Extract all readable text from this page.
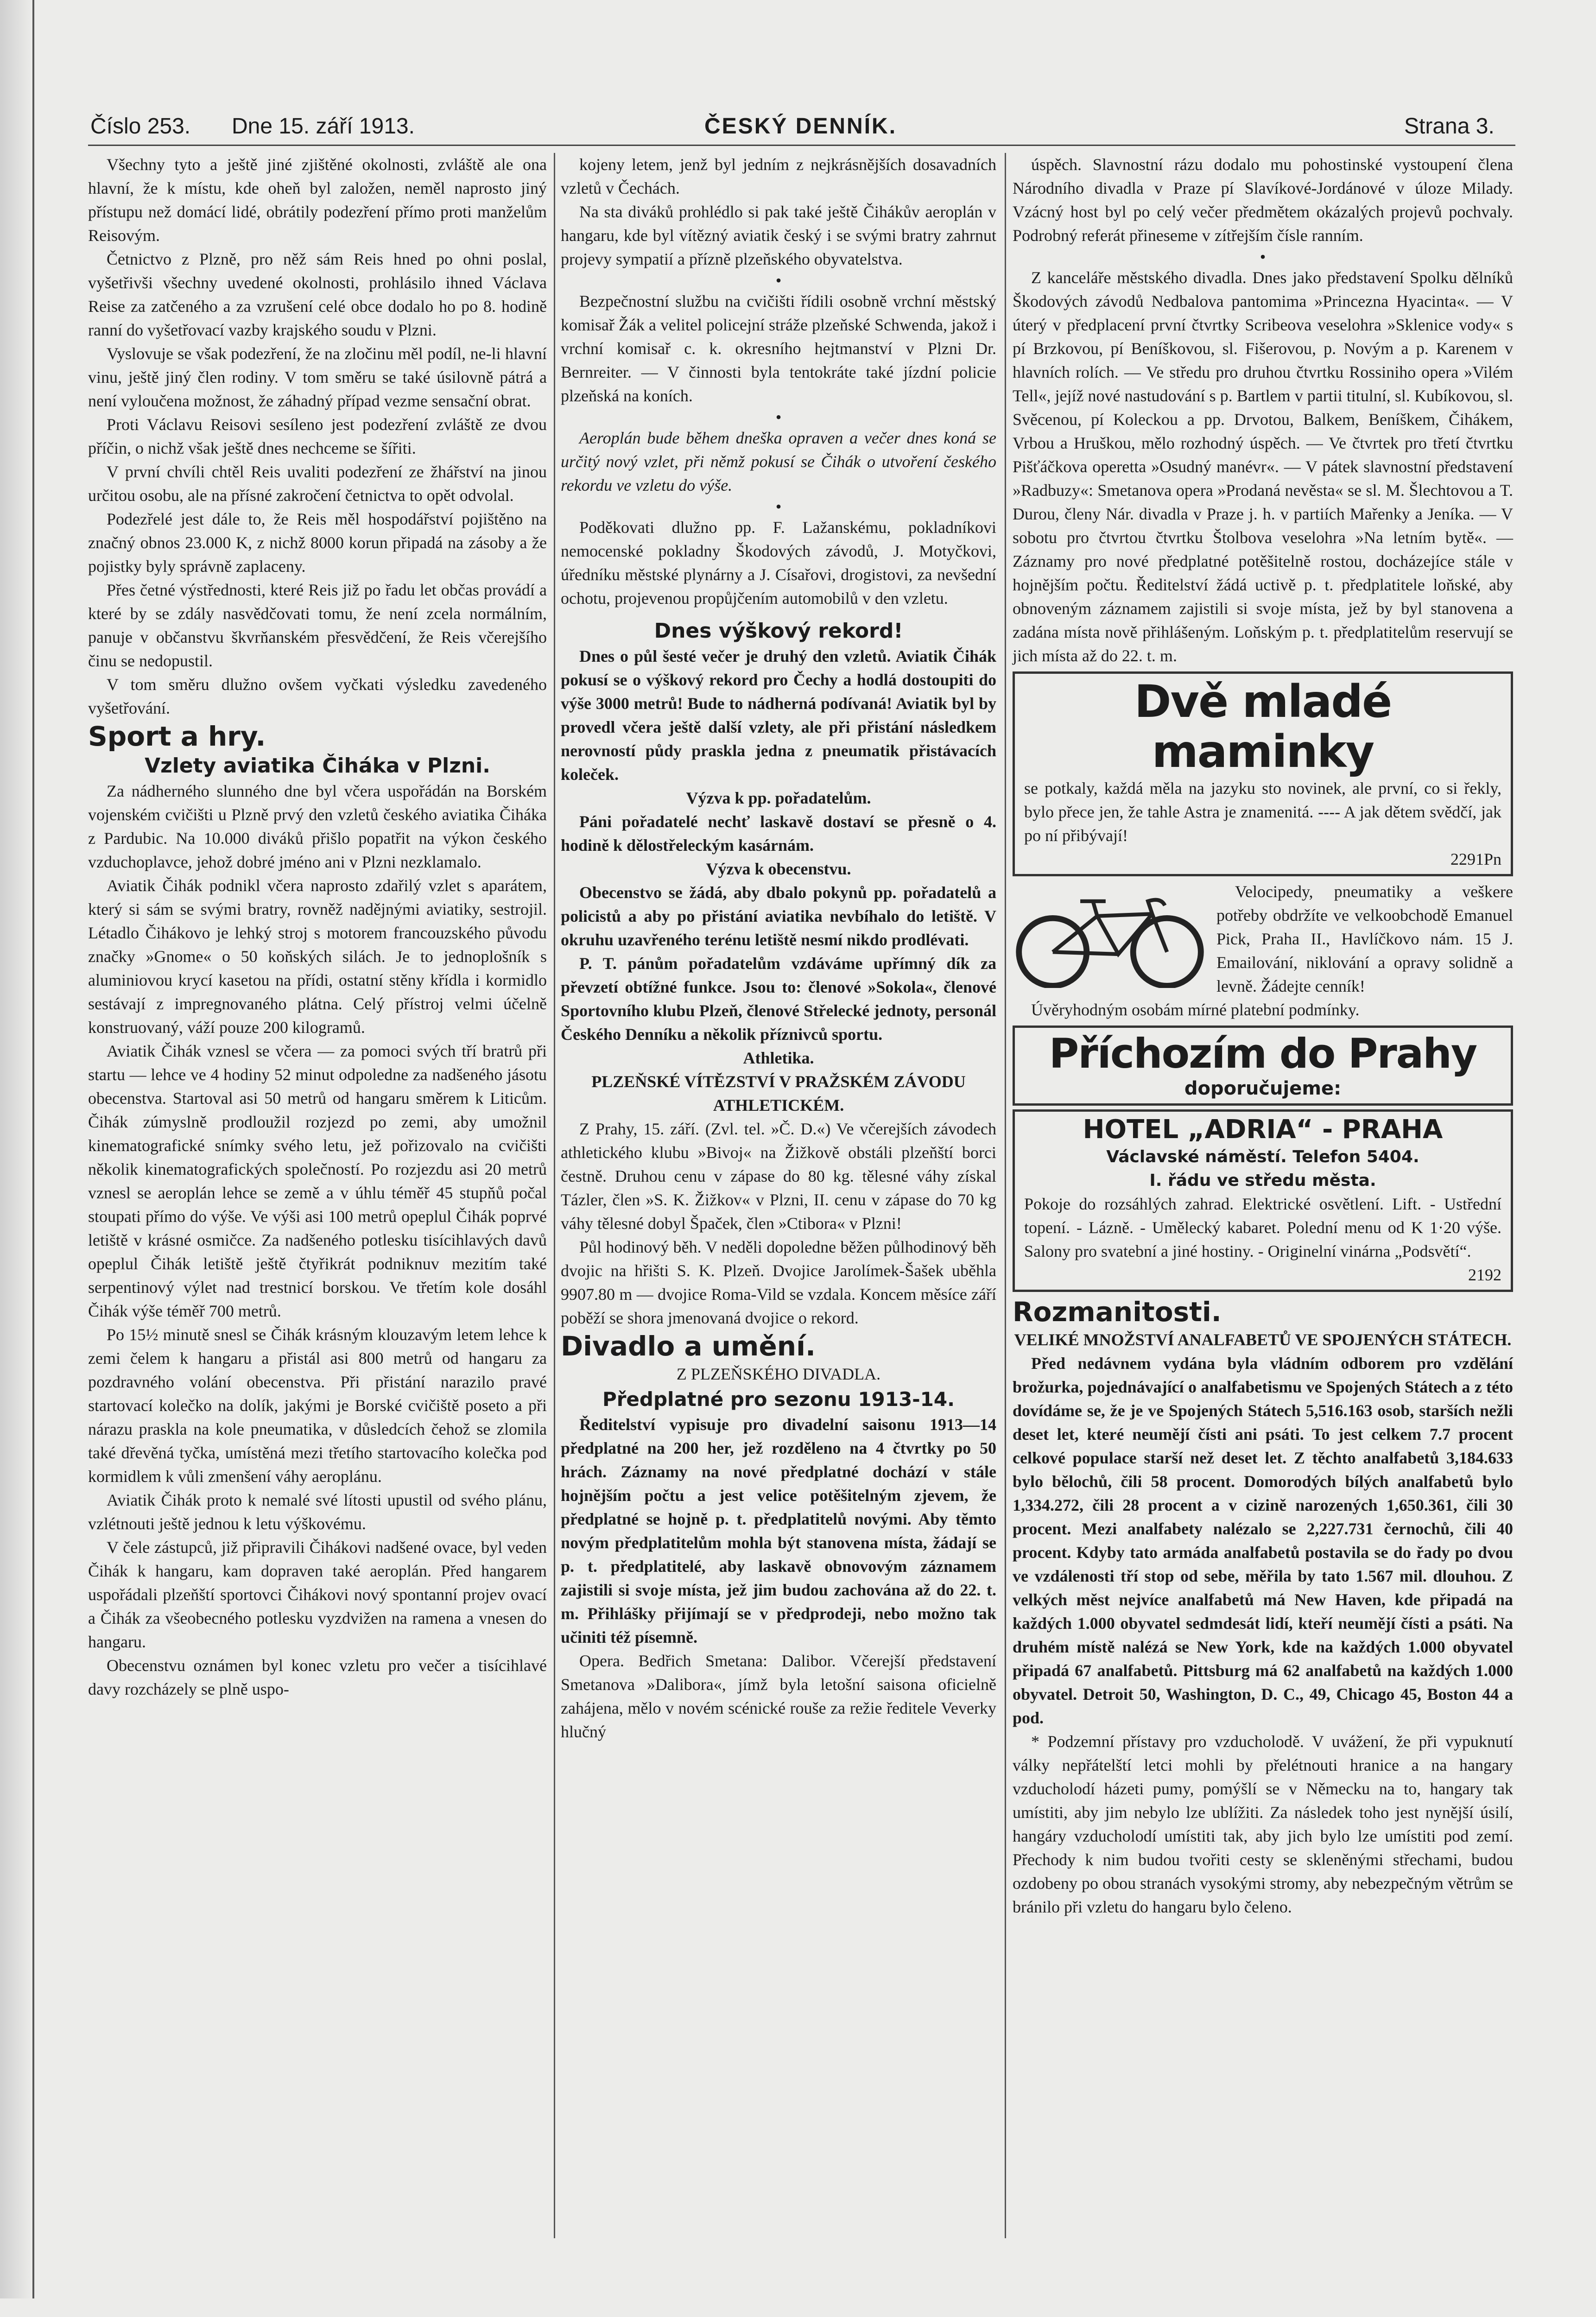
Číslo 253. Dne 15. září 1913.	ČESKÝ DENNÍK.	Strana 3.

Všechny tyto a ještě jiné zjištěné okolnosti, zvláště ale ona hlavní, že k místu, kde oheň byl založen, neměl naprosto jiný přístupu než domácí lidé, obrátily podezření přímo proti manželům Reisovým.

Četnictvo z Plzně, pro něž sám Reis hned po ohni poslal, vyšetřivši všechny uvedené okolnosti, prohlásilo ihned Václava Reise za zatčeného a za vzrušení celé obce dodalo ho po 8. hodině ranní do vyšetřovací vazby krajského soudu v Plzni.

Vyslovuje se však podezření, že na zločinu měl podíl, ne-li hlavní vinu, ještě jiný člen rodiny. V tom směru se také úsilovně pátrá a není vyloučena možnost, že záhadný případ vezme sensační obrat.

Proti Václavu Reisovi sesíleno jest podezření zvláště ze dvou příčin, o nichž však ještě dnes nechceme se šířiti.

V první chvíli chtěl Reis uvaliti podezření ze žhářství na jinou určitou osobu, ale na přísné zakročení četnictva to opět odvolal.

Podezřelé jest dále to, že Reis měl hospodářství pojištěno na značný obnos 23.000 K, z nichž 8000 korun připadá na zásoby a že pojistky byly správně zaplaceny.

Přes četné výstřednosti, které Reis již po řadu let občas provádí a které by se zdály nasvědčovati tomu, že není zcela normálním, panuje v občanstvu škvrňanském přesvědčení, že Reis včerejšího činu se nedopustil.

V tom směru dlužno ovšem vyčkati výsledku zavedeného vyšetřování.

Sport a hry.

Vzlety aviatika Čiháka v Plzni.

Za nádherného slunného dne byl včera uspořádán na Borském vojenském cvičišti u Plzně prvý den vzletů českého aviatika Čiháka z Pardubic. Na 10.000 diváků přišlo popatřit na výkon českého vzduchoplavce, jehož dobré jméno ani v Plzni nezklamalo.

Aviatik Čihák podnikl včera naprosto zdařilý vzlet s aparátem, který si sám se svými bratry, rovněž nadějnými aviatiky, sestrojil. Létadlo Čihákovo je lehký stroj s motorem francouzského původu značky »Gnome« o 50 koňských silách. Je to jednoplošník s aluminiovou krycí kasetou na přídi, ostatní stěny křídla i kormidlo sestávají z impregnovaného plátna. Celý přístroj velmi účelně konstruovaný, váží pouze 200 kilogramů.

Aviatik Čihák vznesl se včera — za pomoci svých tří bratrů při startu — lehce ve 4 hodiny 52 minut odpoledne za nadšeného jásotu obecenstva. Startoval asi 50 metrů od hangaru směrem k Liticům. Čihák zúmyslně prodloužil rozjezd po zemi, aby umožnil kinematografické snímky svého letu, jež pořizovalo na cvičišti několik kinematografických společností. Po rozjezdu asi 20 metrů vznesl se aeroplán lehce se země a v úhlu téměř 45 stupňů počal stoupati přímo do výše. Ve výši asi 100 metrů opeplul Čihák poprvé letiště v krásné osmičce. Za nadšeného potlesku tisícihlavých davů opeplul Čihák letiště ještě čtyřikrát podniknuv mezitím také serpentinový výlet nad trestnicí borskou. Ve třetím kole dosáhl Čihák výše téměř 700 metrů.

Po 15½ minutě snesl se Čihák krásným klouzavým letem lehce k zemi čelem k hangaru a přistál asi 800 metrů od hangaru za pozdravného volání obecenstva. Při přistání narazilo pravé startovací kolečko na dolík, jakými je Borské cvičiště poseto a při nárazu praskla na kole pneumatika, v důsledcích čehož se zlomila také dřevěná tyčka, umístěná mezi třetího startovacího kolečka pod kormidlem k vůli zmenšení váhy aeroplánu.

Aviatik Čihák proto k nemalé své lítosti upustil od svého plánu, vzlétnouti ještě jednou k letu výškovému.

V čele zástupců, již připravili Čihákovi nadšené ovace, byl veden Čihák k hangaru, kam dopraven také aeroplán. Před hangarem uspořádali plzeňští sportovci Čihákovi nový spontanní projev ovací a Čihák za všeobecného potlesku vyzdvižen na ramena a vnesen do hangaru.

Obecenstvu oznámen byl konec vzletu pro večer a tisícihlavé davy rozcházely se plně uspo-

kojeny letem, jenž byl jedním z nejkrásnějších dosavadních vzletů v Čechách.

Na sta diváků prohlédlo si pak také ještě Čihákův aeroplán v hangaru, kde byl vítězný aviatik český i se svými bratry zahrnut projevy sympatií a přízně plzeňského obyvatelstva.

•

Bezpečnostní službu na cvičišti řídili osobně vrchní městský komisař Žák a velitel policejní stráže plzeňské Schwenda, jakož i vrchní komisař c. k. okresního hejtmanství v Plzni Dr. Bernreiter. — V činnosti byla tentokráte také jízdní policie plzeňská na koních.

•

Aeroplán bude během dneška opraven a večer dnes koná se určitý nový vzlet, při němž pokusí se Čihák o utvoření českého rekordu ve vzletu do výše.

•

Poděkovati dlužno pp. F. Lažanskému, pokladníkovi nemocenské pokladny Škodových závodů, J. Motyčkovi, úředníku městské plynárny a J. Císařovi, drogistovi, za nevšední ochotu, projevenou propůjčením automobilů v den vzletu.

Dnes výškový rekord!

Dnes o půl šesté večer je druhý den vzletů. Aviatik Čihák pokusí se o výškový rekord pro Čechy a hodlá dostoupiti do výše 3000 metrů! Bude to nádherná podívaná! Aviatik byl by provedl včera ještě další vzlety, ale při přistání následkem nerovností půdy praskla jedna z pneumatik přistávacích koleček.

Výzva k pp. pořadatelům.

Páni pořadatelé nechť laskavě dostaví se přesně o 4. hodině k dělostřeleckým kasárnám.

Výzva k obecenstvu.

Obecenstvo se žádá, aby dbalo pokynů pp. pořadatelů a policistů a aby po přistání aviatika nevbíhalo do letiště. V okruhu uzavřeného terénu letiště nesmí nikdo prodlévati.

P. T. pánům pořadatelům vzdáváme upřímný dík za převzetí obtížné funkce. Jsou to: členové »Sokola«, členové Sportovního klubu Plzeň, členové Střelecké jednoty, personál Českého Denníku a několik příznivců sportu.

Athletika.

PLZEŇSKÉ VÍTĚZSTVÍ V PRAŽSKÉM ZÁVODU ATHLETICKÉM.

Z Prahy, 15. září. (Zvl. tel. »Č. D.«) Ve včerejších závodech athletického klubu »Bivoj« na Žižkově obstáli plzeňští borci čestně. Druhou cenu v zápase do 80 kg. tělesné váhy získal Tázler, člen »S. K. Žižkov« v Plzni, II. cenu v zápase do 70 kg váhy tělesné dobyl Špaček, člen »Ctibora« v Plzni!

Půl hodinový běh. V neděli dopoledne běžen půlhodinový běh dvojic na hřišti S. K. Plzeň. Dvojice Jarolímek-Šašek uběhla 9907.80 m — dvojice Roma-Vild se vzdala. Koncem měsíce září poběží se shora jmenovaná dvojice o rekord.

Divadlo a umění.

Z PLZEŇSKÉHO DIVADLA.

Předplatné pro sezonu 1913-14.

Ředitelství vypisuje pro divadelní saisonu 1913—14 předplatné na 200 her, jež rozděleno na 4 čtvrtky po 50 hrách. Záznamy na nové předplatné dochází v stále hojnějším počtu a jest velice potěšitelným zjevem, že předplatné se hojně p. t. předplatitelů novými. Aby těmto novým předplatitelům mohla být stanovena místa, žádají se p. t. předplatitelé, aby laskavě obnovovým záznamem zajistili si svoje místa, jež jim budou zachována až do 22. t. m. Přihlášky přijímají se v předprodeji, nebo možno tak učiniti též písemně.

Opera. Bedřich Smetana: Dalibor. Včerejší představení Smetanova »Dalibora«, jímž byla letošní saisona oficielně zahájena, mělo v novém scénické rouše za režie ředitele Veverky hlučný

úspěch. Slavnostní rázu dodalo mu pohostinské vystoupení člena Národního divadla v Praze pí Slavíkové-Jordánové v úloze Milady. Vzácný host byl po celý večer předmětem okázalých projevů pochvaly. Podrobný referát přineseme v zítřejším čísle ranním.

•

Z kanceláře městského divadla. Dnes jako představení Spolku dělníků Škodových závodů Nedbalova pantomima »Princezna Hyacinta«. — V úterý v předplacení první čtvrtky Scribeova veselohra »Sklenice vody« s pí Brzkovou, pí Beníškovou, sl. Fišerovou, p. Novým a p. Karenem v hlavních rolích. — Ve středu pro druhou čtvrtku Rossiniho opera »Vilém Tell«, jejíž nové nastudování s p. Bartlem v partii titulní, sl. Kubíkovou, sl. Svěcenou, pí Koleckou a pp. Drvotou, Balkem, Beníškem, Čihákem, Vrbou a Hruškou, mělo rozhodný úspěch. — Ve čtvrtek pro třetí čtvrtku Pišťáčkova operetta »Osudný manévr«. — V pátek slavnostní představení »Radbuzy«: Smetanova opera »Prodaná nevěsta« se sl. M. Šlechtovou a T. Durou, členy Nár. divadla v Praze j. h. v partiích Mařenky a Jeníka. — V sobotu pro čtvrtou čtvrtku Štolbova veselohra »Na letním bytě«. — Záznamy pro nové předplatné potěšitelně rostou, docházejíce stále v hojnějším počtu. Ředitelství žádá uctivě p. t. předplatitele loňské, aby obnoveným záznamem zajistili si svoje místa, jež by byl stanovena a zadána místa nově přihlášeným. Loňským p. t. předplatitelům reservují se jich místa až do 22. t. m.

Dvě mladé maminky

se potkaly, každá měla na jazyku sto novinek, ale první, co si řekly, bylo přece jen, že tahle Astra je znamenitá. ---- A jak dětem svědčí, jak po ní přibývají!

2291Pn

Velocipedy, pneumatiky a veškere potřeby obdržíte ve velkoobchodě Emanuel Pick, Praha II., Havlíčkovo nám. 15 J. Emailování, niklování a opravy solidně a levně. Žádejte cenník!

Úvěryhodným osobám mírné platební podmínky.

Příchozím do Prahy
doporučujeme:
HOTEL „ADRIA“ - PRAHA
Václavské náměstí. Telefon 5404.
I. řádu ve středu města.

Pokoje do rozsáhlých zahrad. Elektrické osvětlení. Lift. - Ustřední topení. - Lázně. - Umělecký kabaret. Polední menu od K 1·20 výše. Salony pro svatební a jiné hostiny. - Originelní vinárna „Podsvětí“.

2192

Rozmanitosti.

VELIKÉ MNOŽSTVÍ ANALFABETŮ VE SPOJENÝCH STÁTECH.

Před nedávnem vydána byla vládním odborem pro vzdělání brožurka, pojednávající o analfabetismu ve Spojených Státech a z této dovídáme se, že je ve Spojených Státech 5,516.163 osob, starších nežli deset let, které neumějí čísti ani psáti. To jest celkem 7.7 procent celkové populace starší než deset let. Z těchto analfabetů 3,184.633 bylo bělochů, čili 58 procent. Domorodých bílých analfabetů bylo 1,334.272, čili 28 procent a v cizině narozených 1,650.361, čili 30 procent. Mezi analfabety nalézalo se 2,227.731 černochů, čili 40 procent. Kdyby tato armáda analfabetů postavila se do řady po dvou ve vzdálenosti tří stop od sebe, měřila by tato 1.567 mil. dlouhou. Z velkých měst nejvíce analfabetů má New Haven, kde připadá na každých 1.000 obyvatel sedmdesát lidí, kteří neumějí čísti a psáti. Na druhém místě nalézá se New York, kde na každých 1.000 obyvatel připadá 67 analfabetů. Pittsburg má 62 analfabetů na každých 1.000 obyvatel. Detroit 50, Washington, D. C., 49, Chicago 45, Boston 44 a pod.

* Podzemní přístavy pro vzducholodě. V uvážení, že při vypuknutí války nepřátelští letci mohli by přelétnouti hranice a na hangary vzducholodí házeti pumy, pomýšlí se v Německu na to, hangary tak umístiti, aby jim nebylo lze ublížiti. Za následek toho jest nynější úsilí, hangáry vzducholodí umístiti tak, aby jich bylo lze umístiti pod zemí. Přechody k nim budou tvořiti cesty se skleněnými střechami, budou ozdobeny po obou stranách vysokými stromy, aby nebezpečným větrům se bránilo při vzletu do hangaru bylo čeleno.
